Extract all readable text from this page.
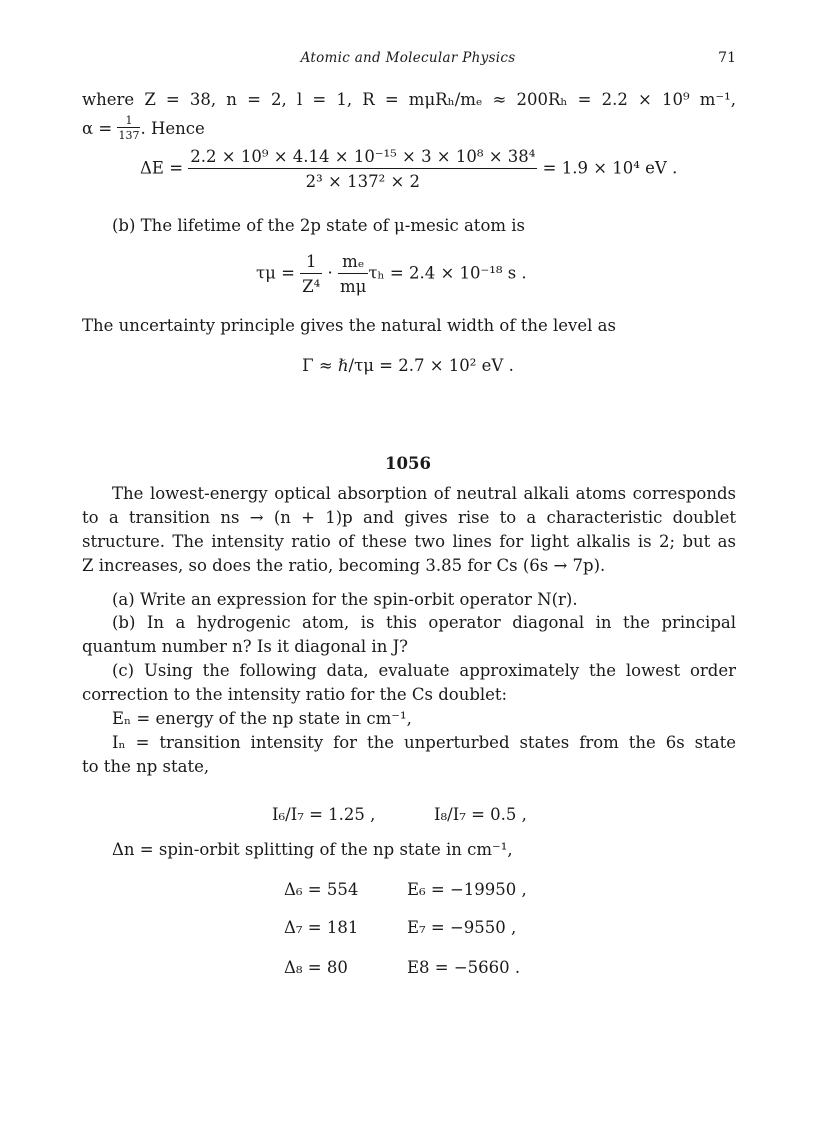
Atomic and Molecular Physics	71
where Z = 38, n = 2, l = 1, R = mμRₕ/mₑ ≈ 200Rₕ = 2.2 × 10⁹ m⁻¹,
$\alpha = \frac{1}{137}$ . Hence
$\Delta E = \frac{\text{2.2 × 10⁹ × 4.14 × 10⁻¹⁵ × 3 × 10⁸ × 38⁴}}{\text{2³ × 137² × 2}} = 1.9 \times 10^4$ eV .
(b) The lifetime of the 2p state of μ-mesic atom is
$\tau\mu = \frac{1}{\text{Z⁴}} \cdot \frac{\text{mₑ}}{m\mu}$ τₕ = 2.4 × 10⁻¹⁸ s .
The uncertainty principle gives the natural width of the level as
Γ ≈ ℏ/τμ = 2.7 × 10² eV .
1056
The lowest-energy optical absorption of neutral alkali atoms corresponds
to a transition ns → (n + 1)p and gives rise to a characteristic doublet
structure. The intensity ratio of these two lines for light alkalis is 2; but as
Z increases, so does the ratio, becoming 3.85 for Cs (6s → 7p).
(a) Write an expression for the spin-orbit operator N(r).
(b) In a hydrogenic atom, is this operator diagonal in the principal
quantum number n? Is it diagonal in J?
(c) Using the following data, evaluate approximately the lowest order
correction to the intensity ratio for the Cs doublet:
Eₙ = energy of the np state in cm⁻¹,
Iₙ = transition intensity for the unperturbed states from the 6s state
to the np state,
I₆/I₇ = 1.25 ,	I₈/I₇ = 0.5 ,
Δn = spin-orbit splitting of the np state in cm⁻¹,
Δ₆ = 554	E₆ = −19950 ,
Δ₇ = 181	E₇ = −9550 ,
Δ₈ = 80	E8 = −5660 .
